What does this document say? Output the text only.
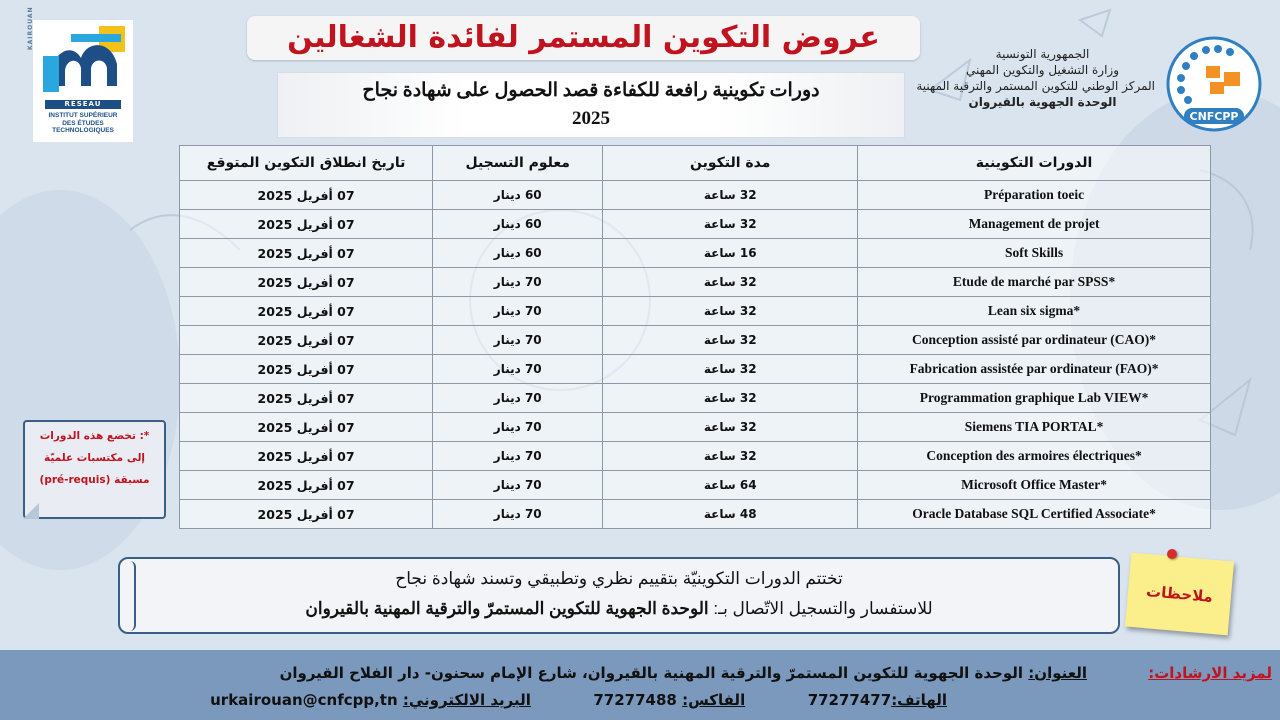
KAIROUAN
RÉSEAU
INSTITUT SUPÉRIEUR
DES ÉTUDES
TECHNOLOGIQUES
CNFCPP
عروض التكوين المستمر لفائدة الشغالين
دورات تكوينية رافعة للكفاءة قصد الحصول على شهادة نجاح
2025
الجمهورية التونسية
وزارة التشغيل والتكوين المهني
المركز الوطني للتكوين المستمر والترقية المهنية
الوحدة الجهوية بالقيروان
الدورات التكوينية	مدة التكوين	معلوم التسجيل	تاريخ انطلاق التكوين المتوقع
Préparation toeic	32 ساعة	60 دينار	07 أفريل 2025
Management de projet	32 ساعة	60 دينار	07 أفريل 2025
Soft Skills	16 ساعة	60 دينار	07 أفريل 2025
Etude de marché par SPSS*	32 ساعة	70 دينار	07 أفريل 2025
Lean six sigma*	32 ساعة	70 دينار	07 أفريل 2025
Conception assisté par ordinateur (CAO)*	32 ساعة	70 دينار	07 أفريل 2025
Fabrication assistée par ordinateur (FAO)*	32 ساعة	70 دينار	07 أفريل 2025
Programmation graphique Lab VIEW*	32 ساعة	70 دينار	07 أفريل 2025
Siemens TIA PORTAL*	32 ساعة	70 دينار	07 أفريل 2025
Conception des armoires électriques*	32 ساعة	70 دينار	07 أفريل 2025
Microsoft Office Master*	64 ساعة	70 دينار	07 أفريل 2025
Oracle Database SQL Certified Associate*	48 ساعة	70 دينار	07 أفريل 2025
*: تخضع هذه الدورات
إلى مكتسبات علميّة
مسبقة (pré-requis)
تختتم الدورات التكوينيّة بتقييم نظري وتطبيقي وتسند شهادة نجاح
للاستفسار والتسجيل الاتّصال بـ: الوحدة الجهوية للتكوين المستمرّ والترقية المهنية بالقيروان
ملاحظات
لمزيد الارشادات:
العنوان: الوحدة الجهوية للتكوين المستمرّ والترقية المهنية بالقيروان، شارع الإمام سحنون- دار الفلاح القيروان
الهاتف:77277477  الفاكس: 77277488  البريد الالكتروني: urkairouan@cnfcpp,tn
